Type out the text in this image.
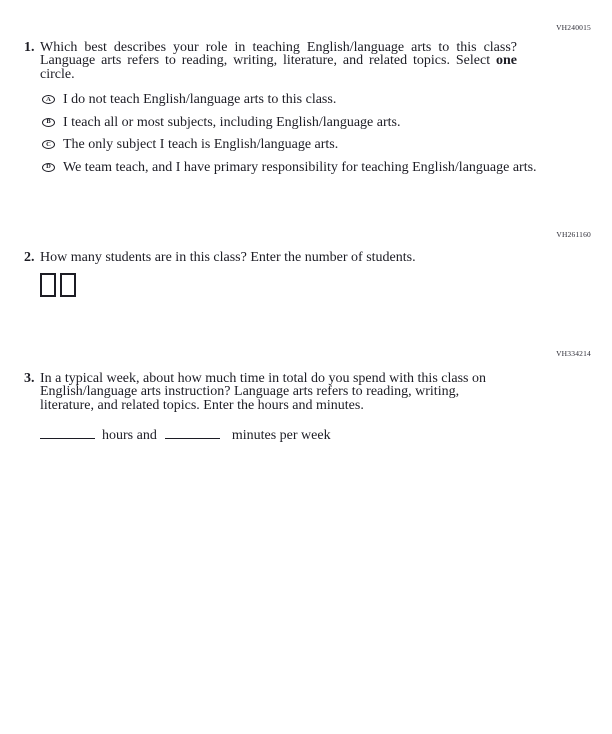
VH240015
VH261160
VH334214
1. Which best describes your role in teaching English/language arts to this class?
Language arts refers to reading, writing, literature, and related topics. Select one
circle.
A I do not teach English/language arts to this class.
B I teach all or most subjects, including English/language arts.
C The only subject I teach is English/language arts.
D We team teach, and I have primary responsibility for teaching English/language arts.
2. How many students are in this class? Enter the number of students.
3. In a typical week, about how much time in total do you spend with this class on
English/language arts instruction? Language arts refers to reading, writing,
literature, and related topics. Enter the hours and minutes.
hours and	minutes per week
